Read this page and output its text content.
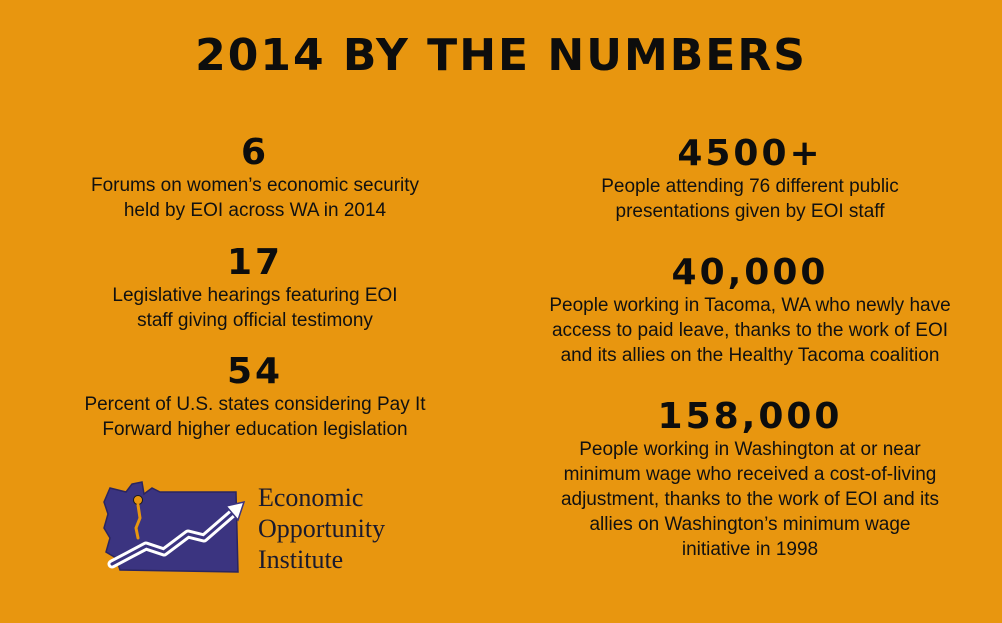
2014 BY THE NUMBERS
6
Forums on women’s economic security
held by EOI across WA in 2014
17
Legislative hearings featuring EOI
staff giving official testimony
54
Percent of U.S. states considering Pay It
Forward higher education legislation
4500+
People attending 76 different public
presentations given by EOI staff
40,000
People working in Tacoma, WA who newly have
access to paid leave, thanks to the work of EOI
and its allies on the Healthy Tacoma coalition
158,000
People working in Washington at or near
minimum wage who received a cost-of-living
adjustment, thanks to the work of EOI and its
allies on Washington’s minimum wage
initiative in 1998
Economic
Opportunity
Institute
